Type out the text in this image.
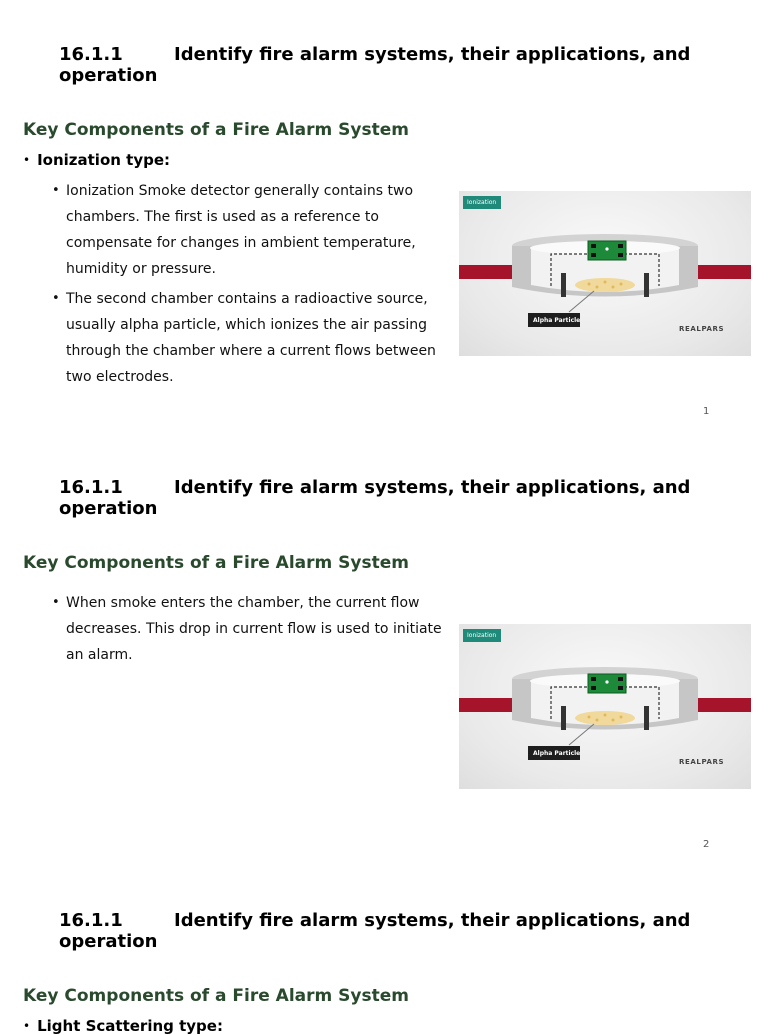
16.1.1	Identify fire alarm systems, their applications, and operation
Key Components of a Fire Alarm System
• Ionization type:
• Ionization Smoke detector generally contains two chambers. The first is used as a reference to compensate for changes in ambient temperature, humidity or pressure.
• The second chamber contains a radioactive source, usually alpha particle, which ionizes the air passing through the chamber where a current flows between two electrodes.
Ionization
Alpha Particle
REALPARS
1
16.1.1	Identify fire alarm systems, their applications, and operation
Key Components of a Fire Alarm System
• When smoke enters the chamber, the current flow decreases. This drop in current flow is used to initiate an alarm.
Ionization
Alpha Particle
REALPARS
2
16.1.1	Identify fire alarm systems, their applications, and operation
Key Components of a Fire Alarm System
• Light Scattering type:
